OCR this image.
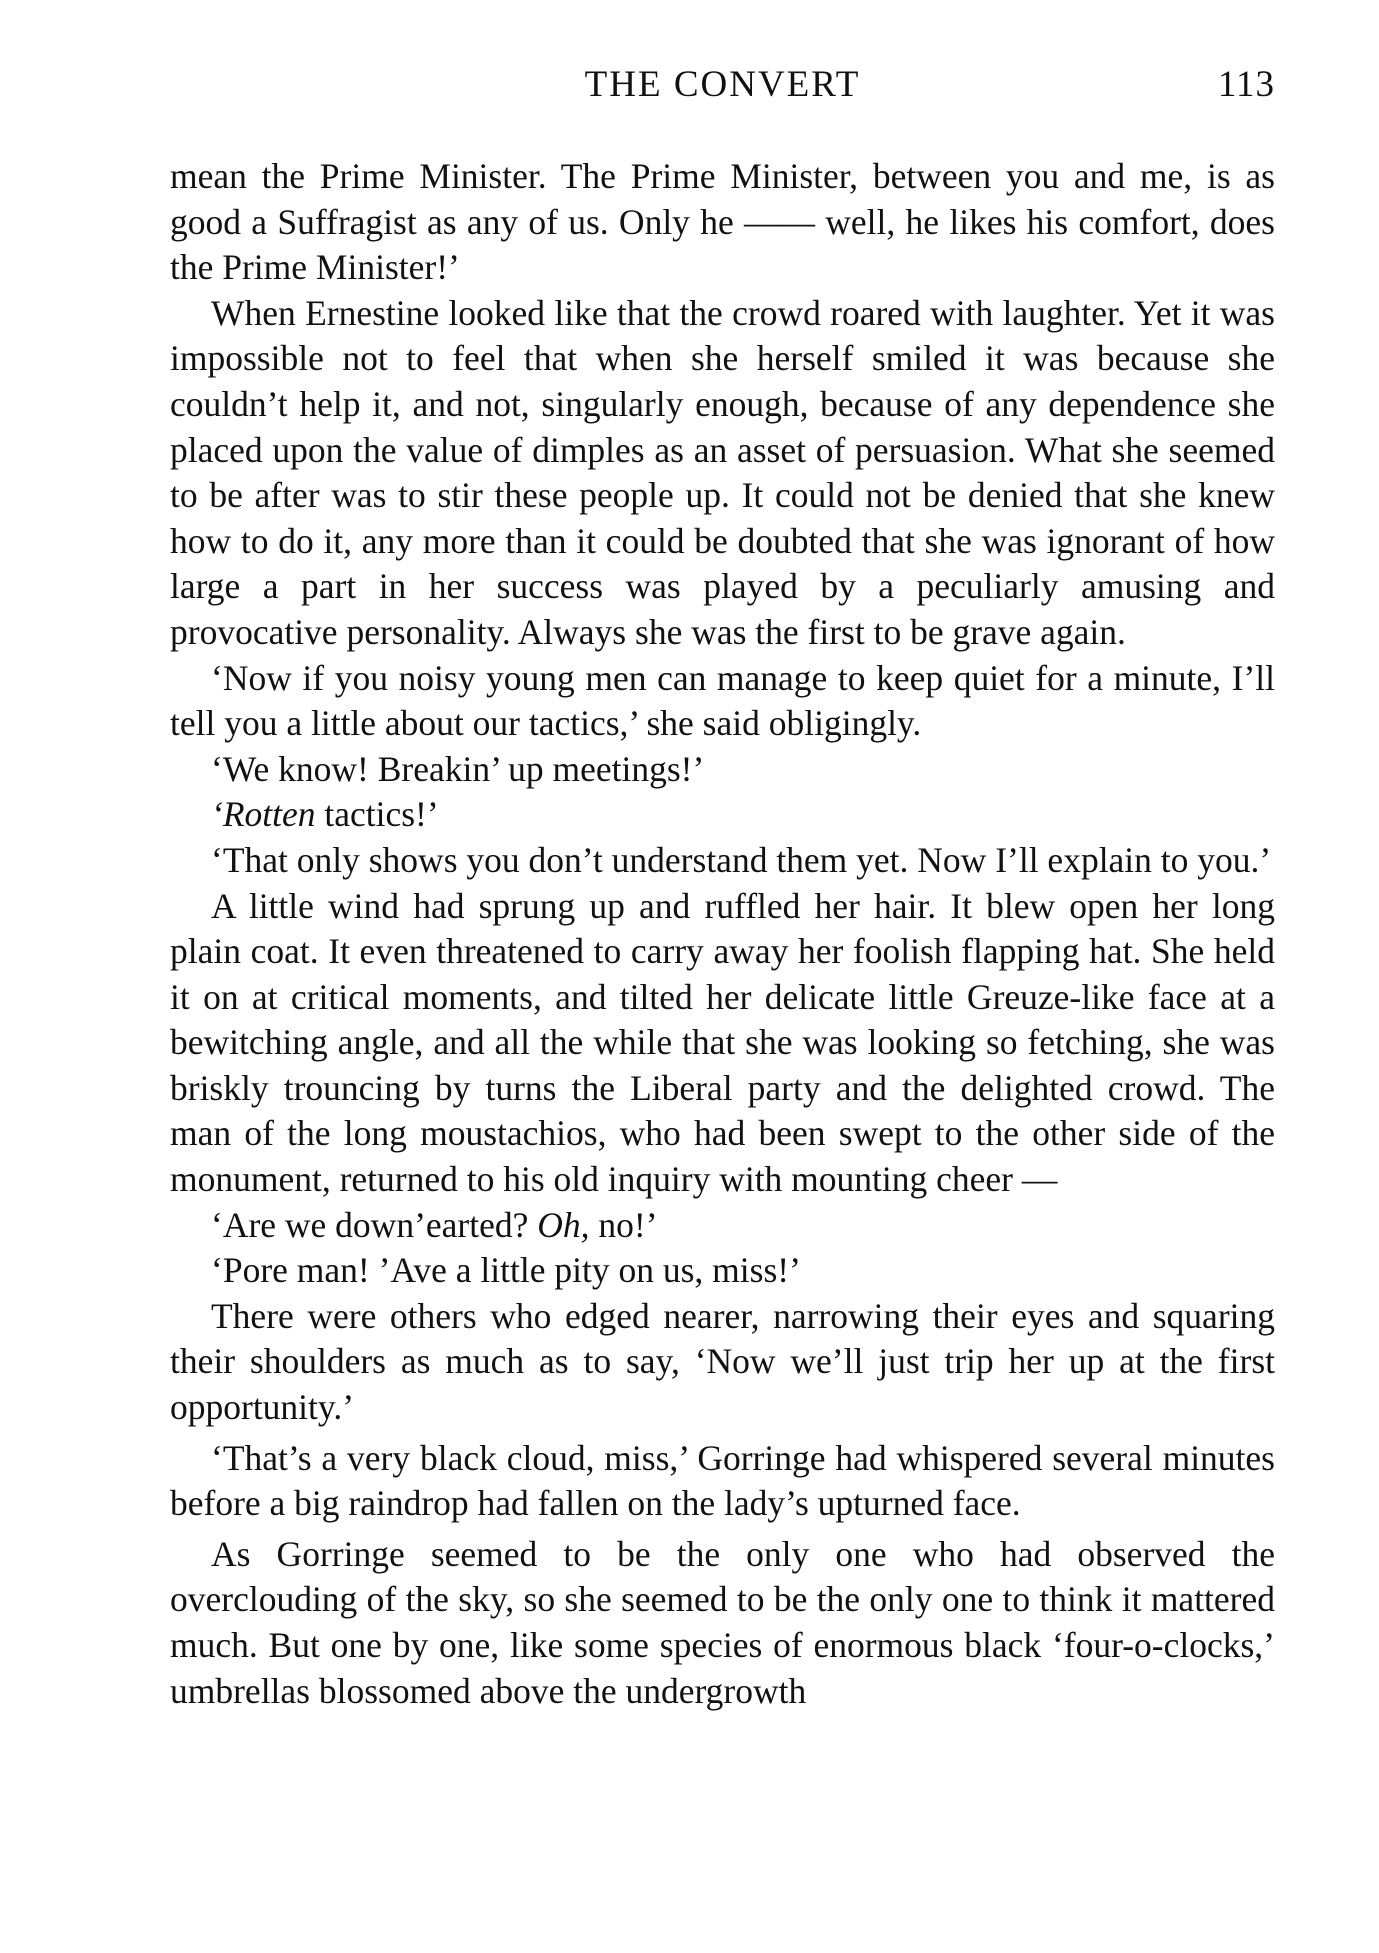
THE CONVERT	113

mean the Prime Minister. The Prime Minister, between you and me, is as good a Suffragist as any of us. Only he —— well, he likes his comfort, does the Prime Minister!’

When Ernestine looked like that the crowd roared with laughter. Yet it was impossible not to feel that when she herself smiled it was because she couldn’t help it, and not, singularly enough, because of any dependence she placed upon the value of dimples as an asset of persuasion. What she seemed to be after was to stir these people up. It could not be denied that she knew how to do it, any more than it could be doubted that she was ignorant of how large a part in her success was played by a peculiarly amusing and provocative personality. Always she was the first to be grave again.

‘Now if you noisy young men can manage to keep quiet for a minute, I’ll tell you a little about our tactics,’ she said obligingly.

‘We know! Breakin’ up meetings!’

‘Rotten tactics!’

‘That only shows you don’t understand them yet. Now I’ll explain to you.’

A little wind had sprung up and ruffled her hair. It blew open her long plain coat. It even threatened to carry away her foolish flapping hat. She held it on at critical moments, and tilted her delicate little Greuze-like face at a bewitching angle, and all the while that she was looking so fetching, she was briskly trouncing by turns the Liberal party and the delighted crowd. The man of the long moustachios, who had been swept to the other side of the monument, returned to his old inquiry with mounting cheer —

‘Are we down’earted? Oh, no!’

‘Pore man! ’Ave a little pity on us, miss!’

There were others who edged nearer, narrowing their eyes and squaring their shoulders as much as to say, ‘Now we’ll just trip her up at the first opportunity.’

‘That’s a very black cloud, miss,’ Gorringe had whispered several minutes before a big raindrop had fallen on the lady’s upturned face.

As Gorringe seemed to be the only one who had observed the overclouding of the sky, so she seemed to be the only one to think it mattered much. But one by one, like some species of enormous black ‘four-o-clocks,’ umbrellas blossomed above the undergrowth
